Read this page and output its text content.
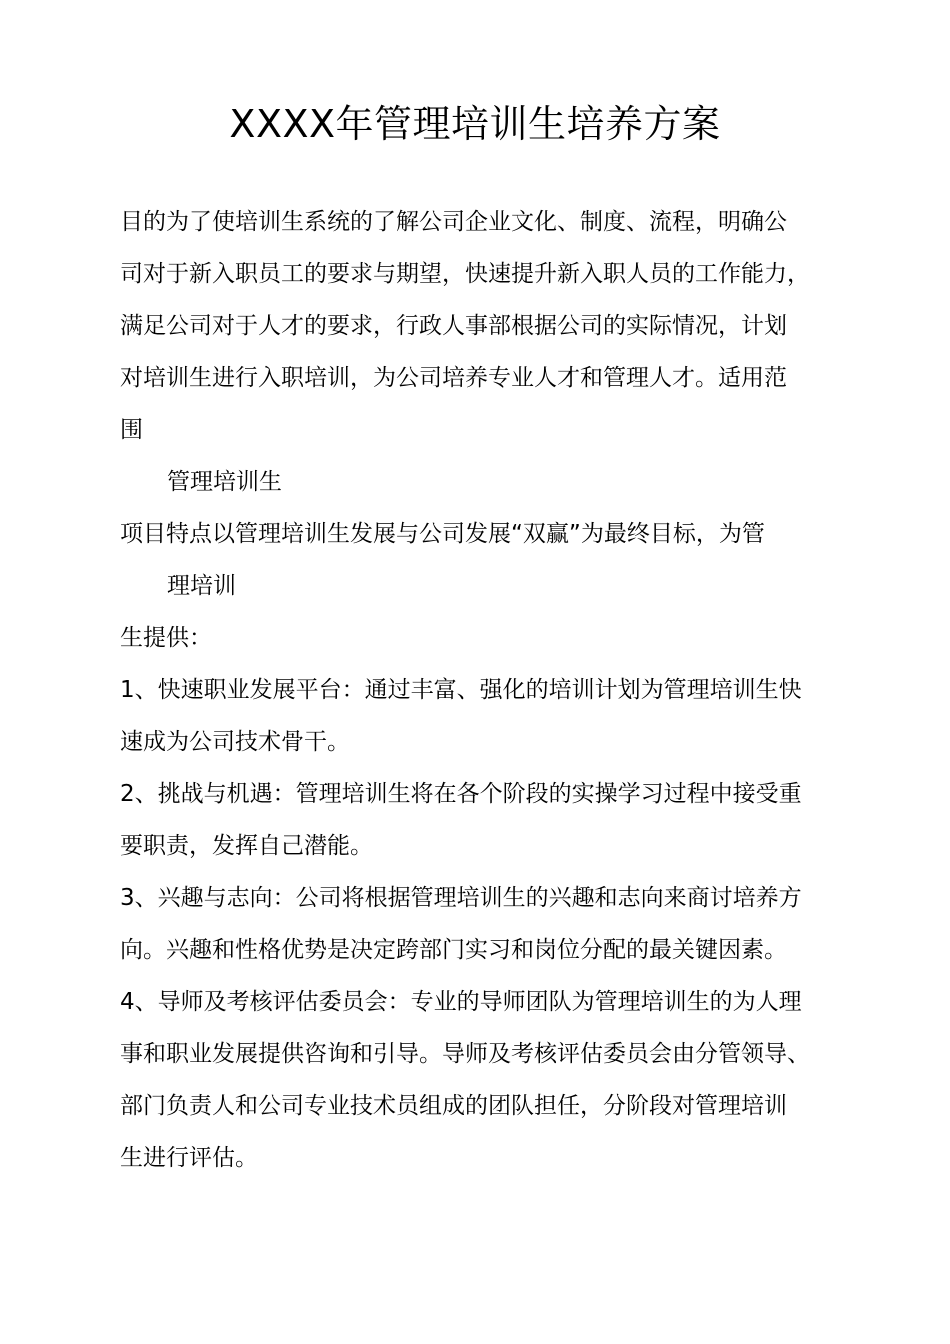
XXXX年管理培训生培养方案

目的为了使培训生系统的了解公司企业文化、制度、流程，明确公

司对于新入职员工的要求与期望，快速提升新入职人员的工作能力，

满足公司对于人才的要求，行政人事部根据公司的实际情况，计划

对培训生进行入职培训，为公司培养专业人才和管理人才。适用范

围

管理培训生

项目特点以管理培训生发展与公司发展“双赢”为最终目标，为管

理培训

生提供：

1、快速职业发展平台：通过丰富、强化的培训计划为管理培训生快

速成为公司技术骨干。

2、挑战与机遇：管理培训生将在各个阶段的实操学习过程中接受重

要职责，发挥自己潜能。

3、兴趣与志向：公司将根据管理培训生的兴趣和志向来商讨培养方

向。兴趣和性格优势是决定跨部门实习和岗位分配的最关键因素。

4、导师及考核评估委员会：专业的导师团队为管理培训生的为人理

事和职业发展提供咨询和引导。导师及考核评估委员会由分管领导、

部门负责人和公司专业技术员组成的团队担任，分阶段对管理培训

生进行评估。
